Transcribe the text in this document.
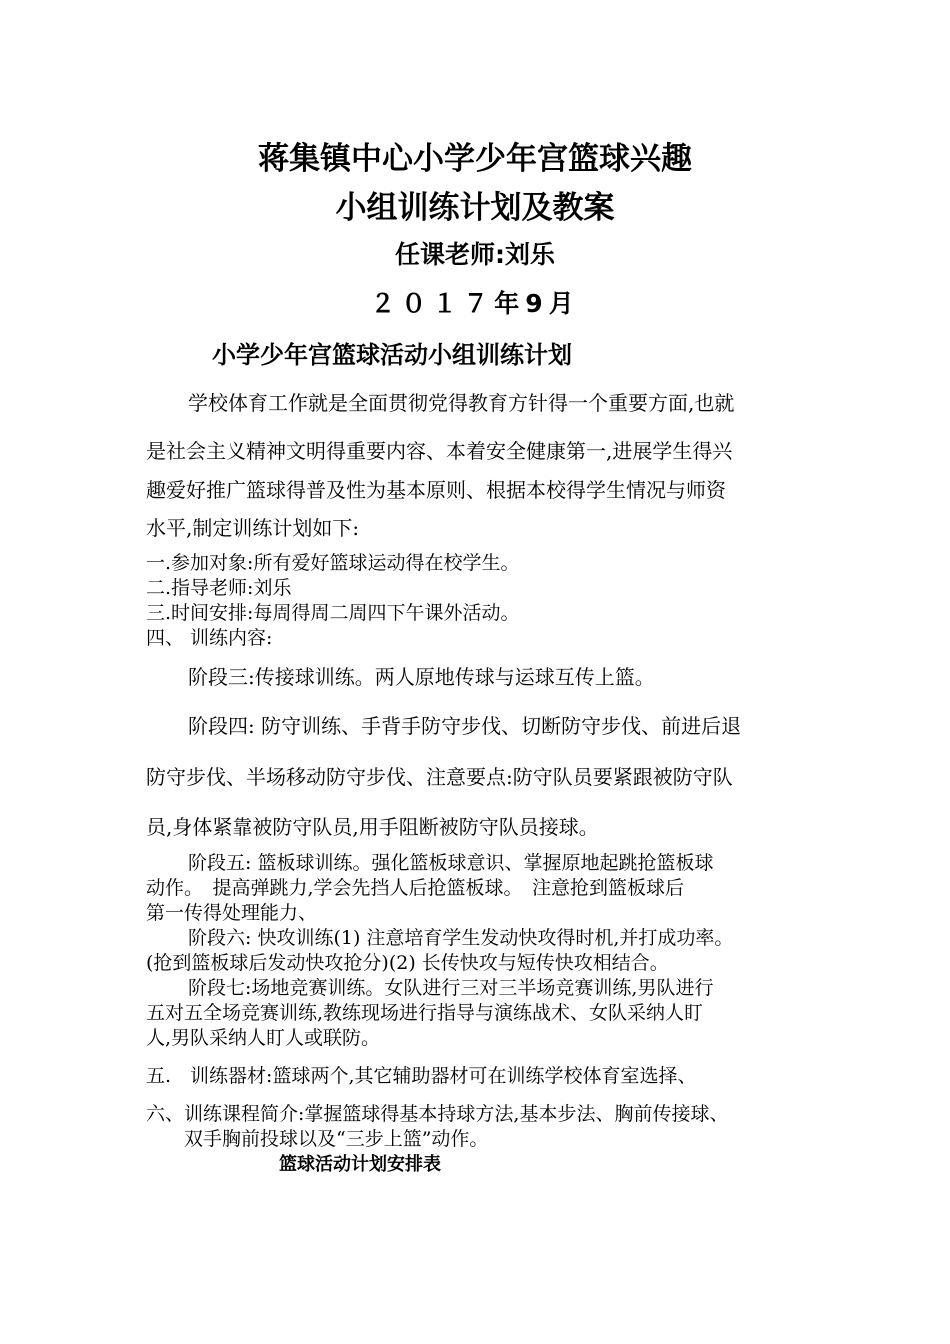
蒋集镇中心小学少年宫篮球兴趣
小组训练计划及教案
任课老师:刘乐
２０１７年9月
小学少年宫篮球活动小组训练计划
学校体育工作就是全面贯彻党得教育方针得一个重要方面,也就
是社会主义精神文明得重要内容、本着安全健康第一,进展学生得兴
趣爱好推广篮球得普及性为基本原则、根据本校得学生情况与师资
水平,制定训练计划如下:
一.参加对象:所有爱好篮球运动得在校学生。
二.指导老师:刘乐
三.时间安排:每周得周二周四下午课外活动。
四、 训练内容:
阶段三:传接球训练。两人原地传球与运球互传上篮。
阶段四: 防守训练、手背手防守步伐、切断防守步伐、前进后退
防守步伐、半场移动防守步伐、注意要点:防守队员要紧跟被防守队
员,身体紧靠被防守队员,用手阻断被防守队员接球。
阶段五: 篮板球训练。强化篮板球意识、掌握原地起跳抢篮板球
动作。　提高弹跳力,学会先挡人后抢篮板球。　注意抢到篮板球后
第一传得处理能力、
阶段六: 快攻训练(1) 注意培育学生发动快攻得时机,并打成功率。
(抢到篮板球后发动快攻抢分)(2) 长传快攻与短传快攻相结合。
阶段七:场地竞赛训练。女队进行三对三半场竞赛训练,男队进行
五对五全场竞赛训练,教练现场进行指导与演练战术、女队采纳人盯
人,男队采纳人盯人或联防。
五.　训练器材:篮球两个,其它辅助器材可在训练学校体育室选择、
六、训练课程简介:掌握篮球得基本持球方法,基本步法、胸前传接球、
双手胸前投球以及“三步上篮”动作。
篮球活动计划安排表
